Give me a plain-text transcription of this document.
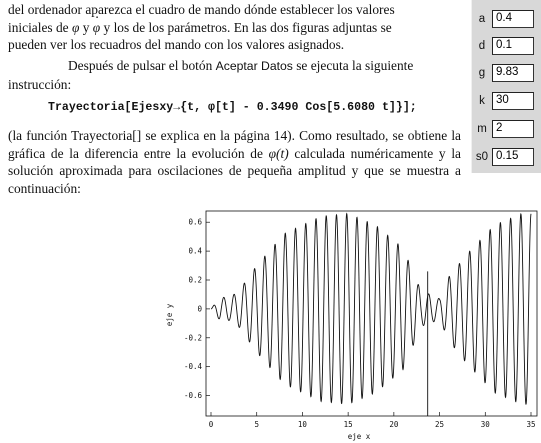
del ordenador aparezca el cuadro de mando dónde establecer los valores
iniciales de φ y · φ y los de los parámetros. En las dos figuras adjuntas se
pueden ver los recuadros del mando con los valores asignados.
Después de pulsar el botón Aceptar Datos se ejecuta la siguiente
instrucción:
Trayectoria[Ejesxy→{t, φ[t] - 0.3490 Cos[5.6080 t]}];
(la función Trayectoria[] se explica en la página 14). Como resultado, se obtiene la gráfica de la diferencia entre la evolución de φ(t) calculada numéricamente y la solución aproximada para oscilaciones de pequeña amplitud y que se muestra a continuación:
a 0.4
d 0.1
g 9.83
k 30
m 2
s0 0.15
-0.6
-0.4
-0.2
0
0.2
0.4
0.6
0	5	10	15	20	25	30	35
eje x
eje y
